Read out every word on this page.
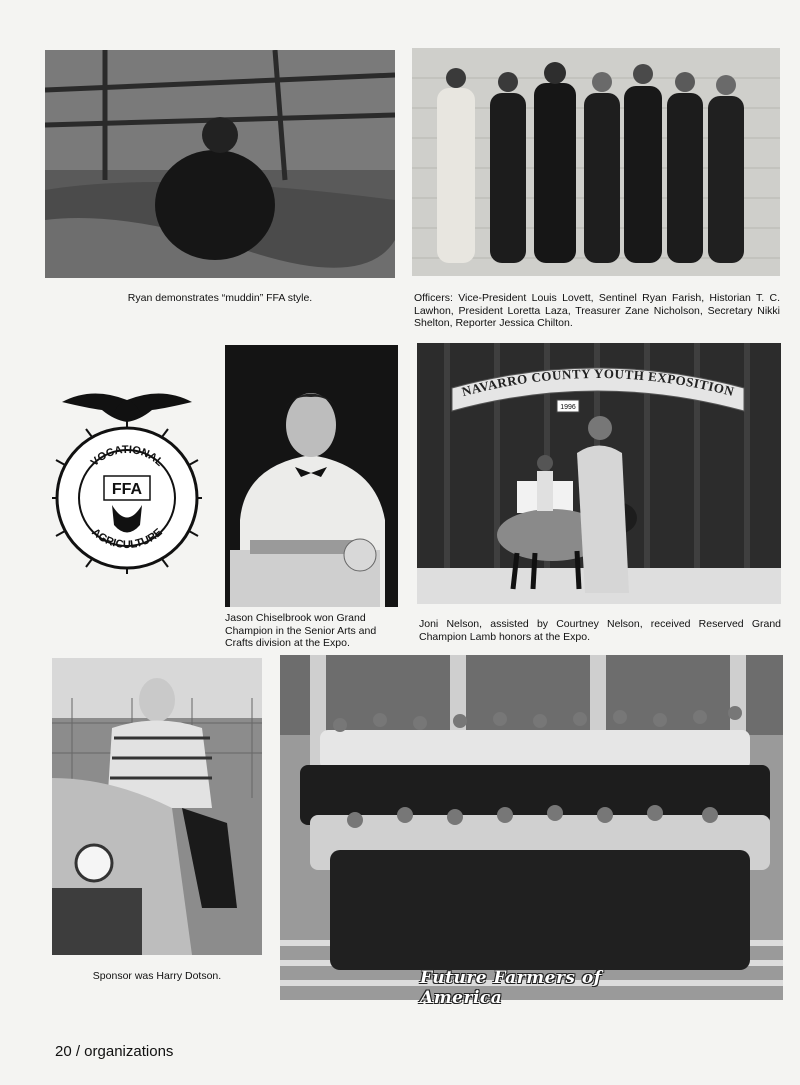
Ryan demonstrates “muddin” FFA style.	Officers: Vice-President Louis Lovett, Sentinel Ryan Farish, Historian T. C. Lawhon, President Loretta Laza, Treasurer Zane Nicholson, Secretary Nikki Shelton, Reporter Jessica Chilton.
VOCATIONAL
AGRICULTURE
FFA
Jason Chiselbrook won Grand Champion in the Senior Arts and Crafts division at the Expo.
NAVARRO COUNTY YOUTH EXPOSITION
1996
Joni Nelson, assisted by Courtney Nelson, received Reserved Grand Champion Lamb honors at the Expo.
Sponsor was Harry Dotson.	Future Farmers of America
20 / organizations
